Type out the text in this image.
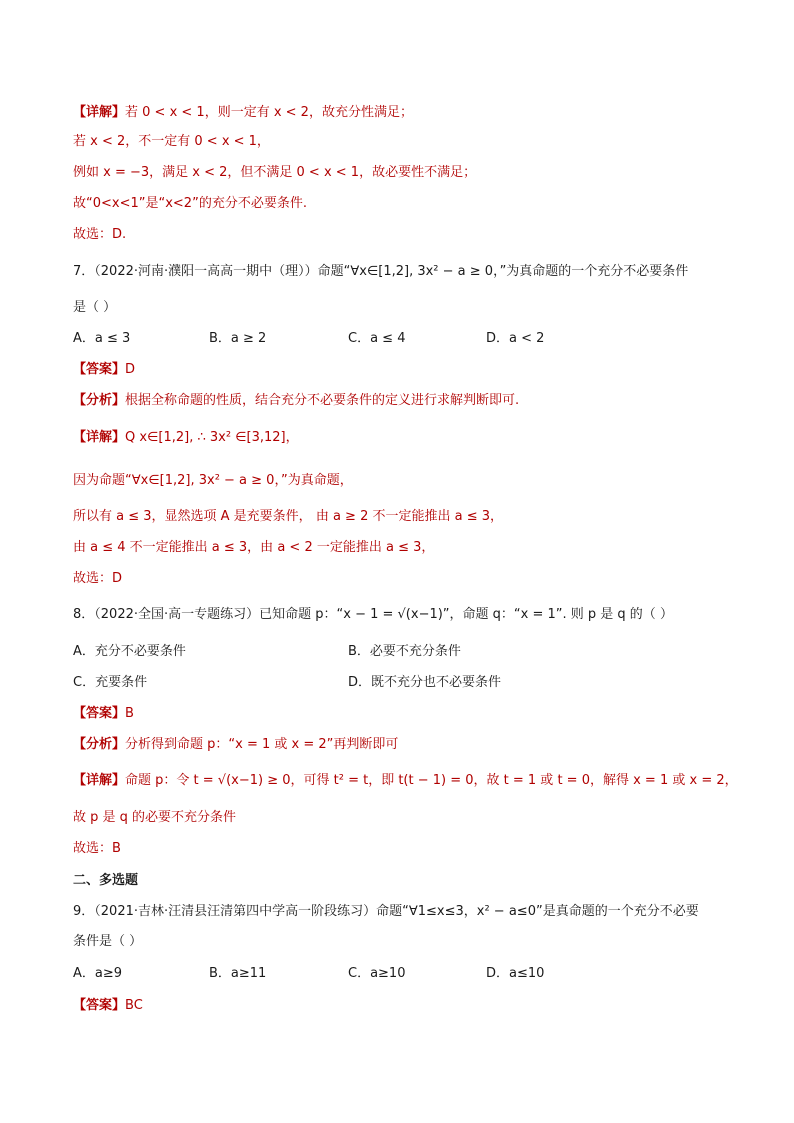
【详解】若 0 < x < 1，则一定有 x < 2，故充分性满足；
若 x < 2，不一定有 0 < x < 1，
例如 x = −3，满足 x < 2，但不满足 0 < x < 1，故必要性不满足；
故“0<x<1”是“x<2”的充分不必要条件.
故选：D.
7．（2022·河南·濮阳一高高一期中（理））命题“∀x∈[1,2], 3x² − a ≥ 0，”为真命题的一个充分不必要条件
是（ ）
A．a ≤ 3	B．a ≥ 2	C．a ≤ 4	D．a < 2
【答案】D
【分析】根据全称命题的性质，结合充分不必要条件的定义进行求解判断即可.
【详解】Q x∈[1,2], ∴ 3x² ∈[3,12]，
因为命题“∀x∈[1,2], 3x² − a ≥ 0，”为真命题，
所以有 a ≤ 3，显然选项 A 是充要条件， 由 a ≥ 2 不一定能推出 a ≤ 3，
由 a ≤ 4 不一定能推出 a ≤ 3，由 a < 2 一定能推出 a ≤ 3，
故选：D
8．（2022·全国·高一专题练习）已知命题 p：“x − 1 = √(x−1)”，命题 q：“x = 1”. 则 p 是 q 的（ ）
A．充分不必要条件	B．必要不充分条件
C．充要条件	D．既不充分也不必要条件
【答案】B
【分析】分析得到命题 p：“x = 1 或 x = 2”再判断即可
【详解】命题 p：令 t = √(x−1) ≥ 0，可得 t² = t，即 t(t − 1) = 0，故 t = 1 或 t = 0，解得 x = 1 或 x = 2，
故 p 是 q 的必要不充分条件
故选：B
二、多选题
9．（2021·吉林·汪清县汪清第四中学高一阶段练习）命题“∀1≤x≤3，x² − a≤0”是真命题的一个充分不必要
条件是（ ）
A．a≥9	B．a≥11	C．a≥10	D．a≤10
【答案】BC
